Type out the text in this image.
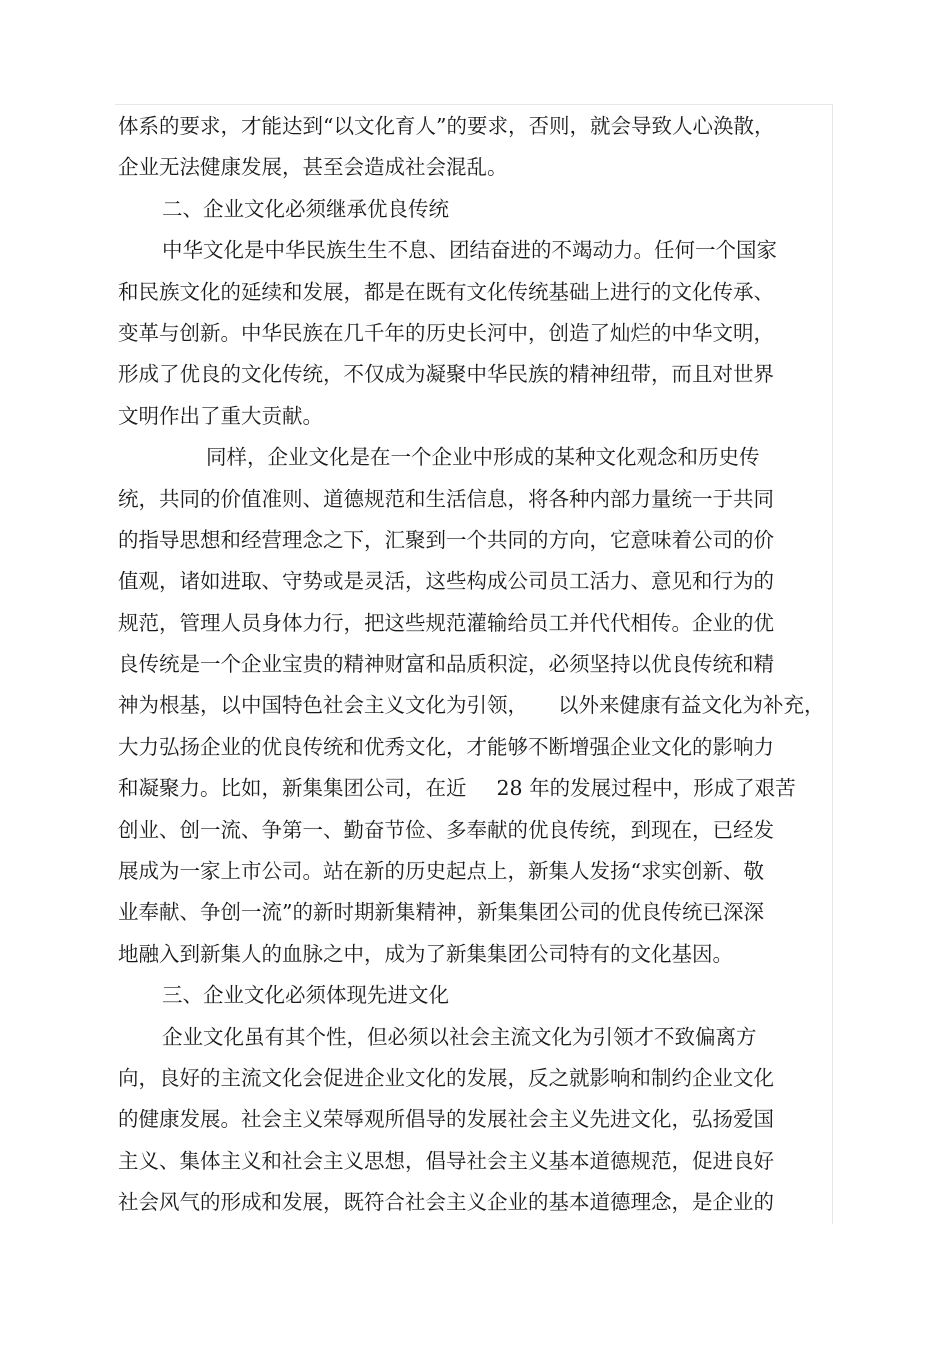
体系的要求，才能达到“以文化育人”的要求，否则，就会导致人心涣散，
企业无法健康发展，甚至会造成社会混乱。
二、企业文化必须继承优良传统
中华文化是中华民族生生不息、团结奋进的不竭动力。任何一个国家
和民族文化的延续和发展，都是在既有文化传统基础上进行的文化传承、
变革与创新。中华民族在几千年的历史长河中，创造了灿烂的中华文明，
形成了优良的文化传统，不仅成为凝聚中华民族的精神纽带，而且对世界
文明作出了重大贡献。
同样，企业文化是在一个企业中形成的某种文化观念和历史传
统，共同的价值准则、道德规范和生活信息，将各种内部力量统一于共同
的指导思想和经营理念之下，汇聚到一个共同的方向，它意味着公司的价
值观，诸如进取、守势或是灵活，这些构成公司员工活力、意见和行为的
规范，管理人员身体力行，把这些规范灌输给员工并代代相传。企业的优
良传统是一个企业宝贵的精神财富和品质积淀，必须坚持以优良传统和精
神为根基，以中国特色社会主义文化为引领， 以外来健康有益文化为补充，
大力弘扬企业的优良传统和优秀文化，才能够不断增强企业文化的影响力
和凝聚力。比如，新集集团公司，在近 28 年的发展过程中，形成了艰苦
创业、创一流、争第一、勤奋节俭、多奉献的优良传统，到现在，已经发
展成为一家上市公司。站在新的历史起点上，新集人发扬“求实创新、敬
业奉献、争创一流”的新时期新集精神，新集集团公司的优良传统已深深
地融入到新集人的血脉之中，成为了新集集团公司特有的文化基因。
三、企业文化必须体现先进文化
企业文化虽有其个性，但必须以社会主流文化为引领才不致偏离方
向，良好的主流文化会促进企业文化的发展，反之就影响和制约企业文化
的健康发展。社会主义荣辱观所倡导的发展社会主义先进文化，弘扬爱国
主义、集体主义和社会主义思想，倡导社会主义基本道德规范，促进良好
社会风气的形成和发展，既符合社会主义企业的基本道德理念，是企业的
